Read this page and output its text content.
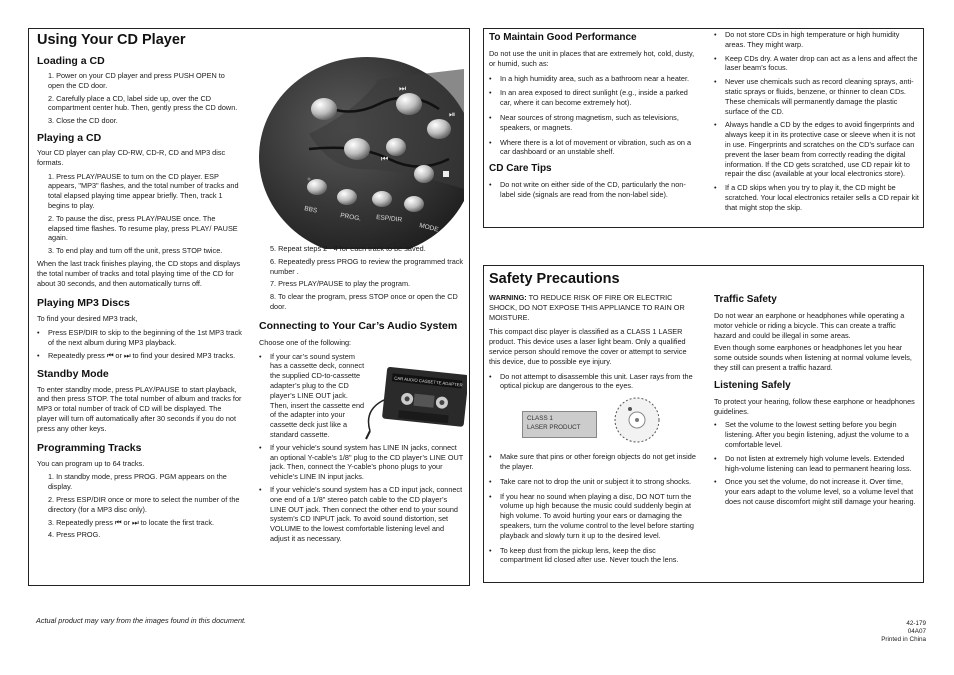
Using Your CD Player
Loading a CD
1. Power on your CD player and press PUSH OPEN to open the CD door.
2. Carefully place a CD, label side up, over the CD compartment center hub. Then, gently press the CD down.
3. Close the CD door.
Playing a CD

Your CD player can play CD-RW, CD-R, CD and MP3 disc formats.

1. Press PLAY/PAUSE to turn on the CD player. ESP appears, "MP3" flashes, and the total number of tracks and total elapsed playing time appear briefly. Then, track 1 begins to play.
2. To pause the disc, press PLAY/PAUSE once. The elapsed time flashes. To resume play, press PLAY/ PAUSE again.
3. To end play and turn off the unit, press STOP twice.

When the last track finishes playing, the CD stops and displays the total number of tracks and total playing time of the CD for about 30 seconds, and then automatically turns off.

Playing MP3 Discs

To find your desired MP3 track,

• Press ESP/DIR to skip to the beginning of the 1st MP3 track of the next album during MP3 playback.
• Repeatedly press ⏮ or ⏭ to find your desired MP3 tracks.
Standby Mode

To enter standby mode, press PLAY/PAUSE to start playback, and then press STOP. The total number of album and tracks for MP3 or total number of track of CD will be displayed. The player will turn off automatically after 30 seconds if you do not press any other keys.

Programming Tracks

You can program up to 64 tracks.

1. In standby mode, press PROG. PGM appears on the display.
2. Press ESP/DIR once or more to select the number of the directory (for a MP3 disc only).
3. Repeatedly press ⏮ or ⏭ to locate the first track.
4. Press PROG.
⏭
⏯
⏮
BBS
PROG. ESP/DIR
MODE
5. Repeat steps 2 - 4 for each track to be saved.
6. Repeatedly press PROG to review the programmed track number .
7. Press PLAY/PAUSE to play the program.
8. To clear the program, press STOP once or open the CD door.
Connecting to Your Car’s Audio System

Choose one of the following:

• If your car’s sound system has a cassette deck, connect the supplied CD-to-cassette adapter’s plug to the CD player’s LINE OUT jack. Then, insert the cassette end of the adapter into your cassette deck just like a standard cassette.
• If your vehicle’s sound system has LINE IN jacks, connect an optional Y-cable’s 1/8" plug to the CD player’s LINE OUT jack. Then, connect the Y-cable’s phono plugs to your vehicle’s LINE IN input jacks.
• If your vehicle’s sound system has a CD input jack, connect one end of a 1/8" stereo patch cable to the CD player’s LINE OUT jack. Then connect the other end to your sound system’s CD INPUT jack. To avoid sound distortion, set VOLUME to the lowest comfortable listening level and adjust it as necessary.
CAR AUDIO CASSETTE ADAPTER
To Maintain Good Performance

Do not use the unit in places that are extremely hot, cold, dusty, or humid, such as:

• In a high humidity area, such as a bathroom near a heater.
• In an area exposed to direct sunlight (e.g., inside a parked car, where it can become extremely hot).
• Near sources of strong magnetism, such as televisions, speakers, or magnets.
• Where there is a lot of movement or vibration, such as on a car dashboard or an unstable shelf.
CD Care Tips
• Do not write on either side of the CD, particularly the non-label side (signals are read from the non-label side).
• Do not store CDs in high temperature or high humidity areas. They might warp.
• Keep CDs dry. A water drop can act as a lens and affect the laser beam’s focus.
• Never use chemicals such as record cleaning sprays, anti-static sprays or fluids, benzene, or thinner to clean CDs. These chemicals will permanently damage the plastic surface of the CD.
• Always handle a CD by the edges to avoid fingerprints and always keep it in its protective case or sleeve when it is not in use. Fingerprints and scratches on the CD’s surface can prevent the laser beam from correctly reading the digital information. If the CD gets scratched, use CD repair kit to repair the disc (available at your local electronics store).
• If a CD skips when you try to play it, the CD might be scratched. Your local electronics retailer sells a CD repair kit that might stop the skip.
Safety Precautions

WARNING: TO REDUCE RISK OF FIRE OR ELECTRIC SHOCK, DO NOT EXPOSE THIS APPLIANCE TO RAIN OR MOISTURE.

This compact disc player is classified as a CLASS 1 LASER product. This device uses a laser light beam. Only a qualified service person should remove the cover or attempt to service this device, due to possible eye injury.

• Do not attempt to disassemble this unit. Laser rays from the optical pickup are dangerous to the eyes.
CLASS 1
LASER PRODUCT
• Make sure that pins or other foreign objects do not get inside the player.
• Take care not to drop the unit or subject it to strong shocks.
• If you hear no sound when playing a disc, DO NOT turn the volume up high because the music could suddenly begin at high volume. To avoid hurting your ears or damaging the speakers, turn the volume control to the level before starting playback and slowly turn it up to the desired level.
• To keep dust from the pickup lens, keep the disc compartment lid closed after use. Never touch the lens.
Traffic Safety

Do not wear an earphone or headphones while operating a motor vehicle or riding a bicycle. This can create a traffic hazard and could be illegal in some areas.

Even though some earphones or headphones let you hear some outside sounds when listening at normal volume levels, they still can present a traffic hazard.

Listening Safely

To protect your hearing, follow these earphone or headphones guidelines.

• Set the volume to the lowest setting before you begin listening. After you begin listening, adjust the volume to a comfortable level.
• Do not listen at extremely high volume levels. Extended high-volume listening can lead to permanent hearing loss.
• Once you set the volume, do not increase it. Over time, your ears adapt to the volume level, so a volume level that does not cause discomfort might still damage your hearing.
Actual product may vary from the images found in this document.	42-179
04A07
Printed in China
